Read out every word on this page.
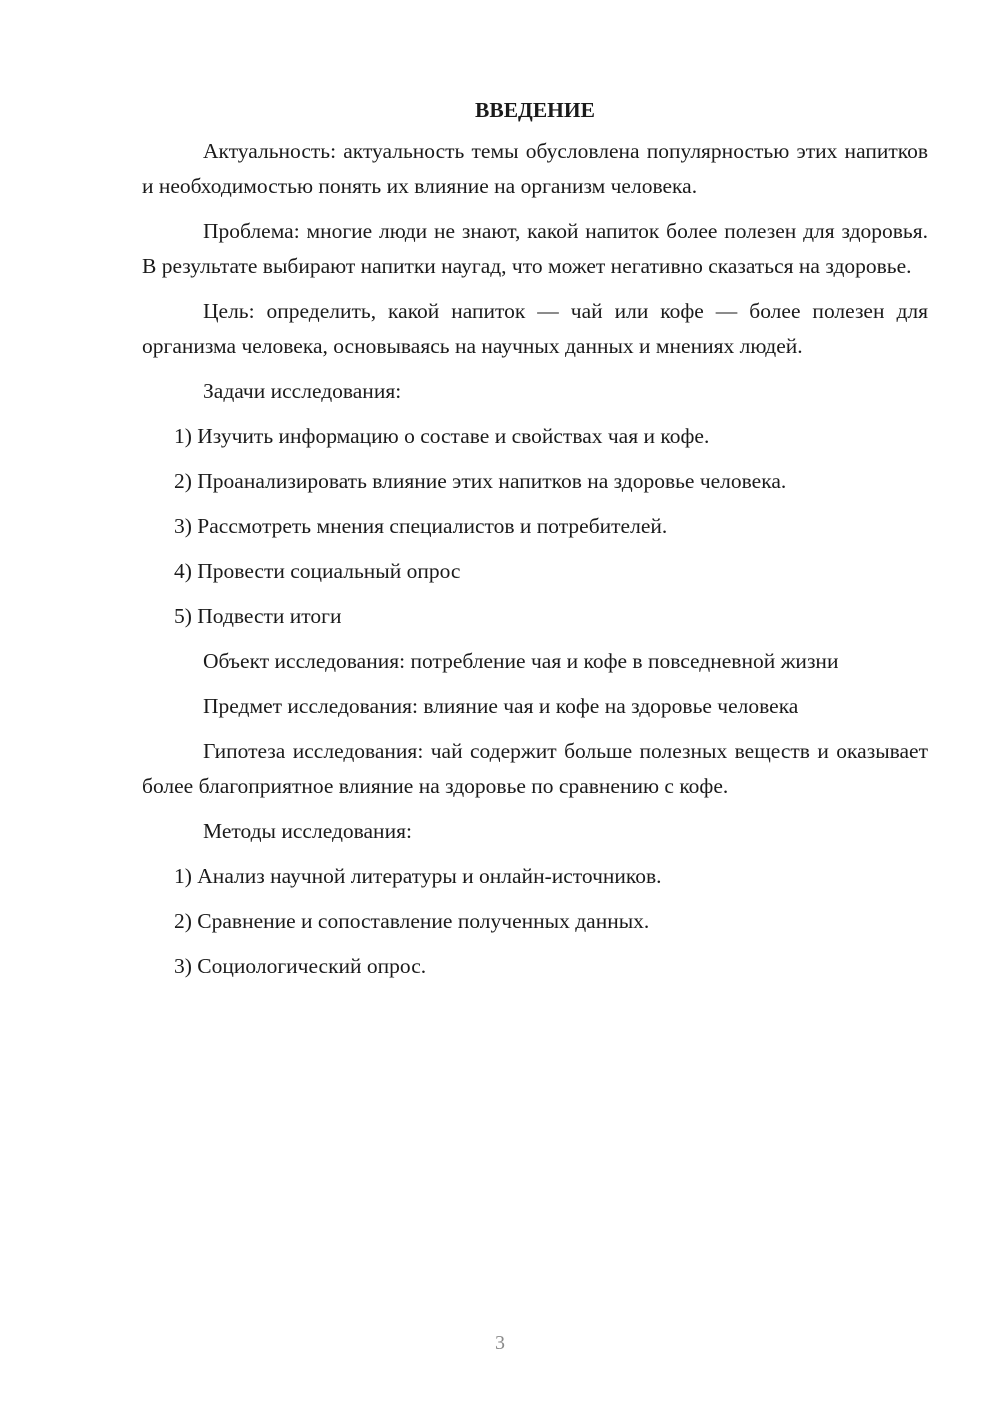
ВВЕДЕНИЕ
Актуальность: актуальность темы обусловлена популярностью этих напитков и необходимостью понять их влияние на организм человека.
Проблема: многие люди не знают, какой напиток более полезен для здоровья. В результате выбирают напитки наугад, что может негативно сказаться на здоровье.
Цель: определить, какой напиток — чай или кофе — более полезен для организма человека, основываясь на научных данных и мнениях людей.
Задачи исследования:
1) Изучить информацию о составе и свойствах чая и кофе.
2) Проанализировать влияние этих напитков на здоровье человека.
3) Рассмотреть мнения специалистов и потребителей.
4) Провести социальный опрос
5) Подвести итоги
Объект исследования: потребление чая и кофе в повседневной жизни
Предмет исследования: влияние чая и кофе на здоровье человека
Гипотеза исследования: чай содержит больше полезных веществ и оказывает более благоприятное влияние на здоровье по сравнению с кофе.
Методы исследования:
1) Анализ научной литературы и онлайн-источников.
2) Сравнение и сопоставление полученных данных.
3) Социологический опрос.
3
